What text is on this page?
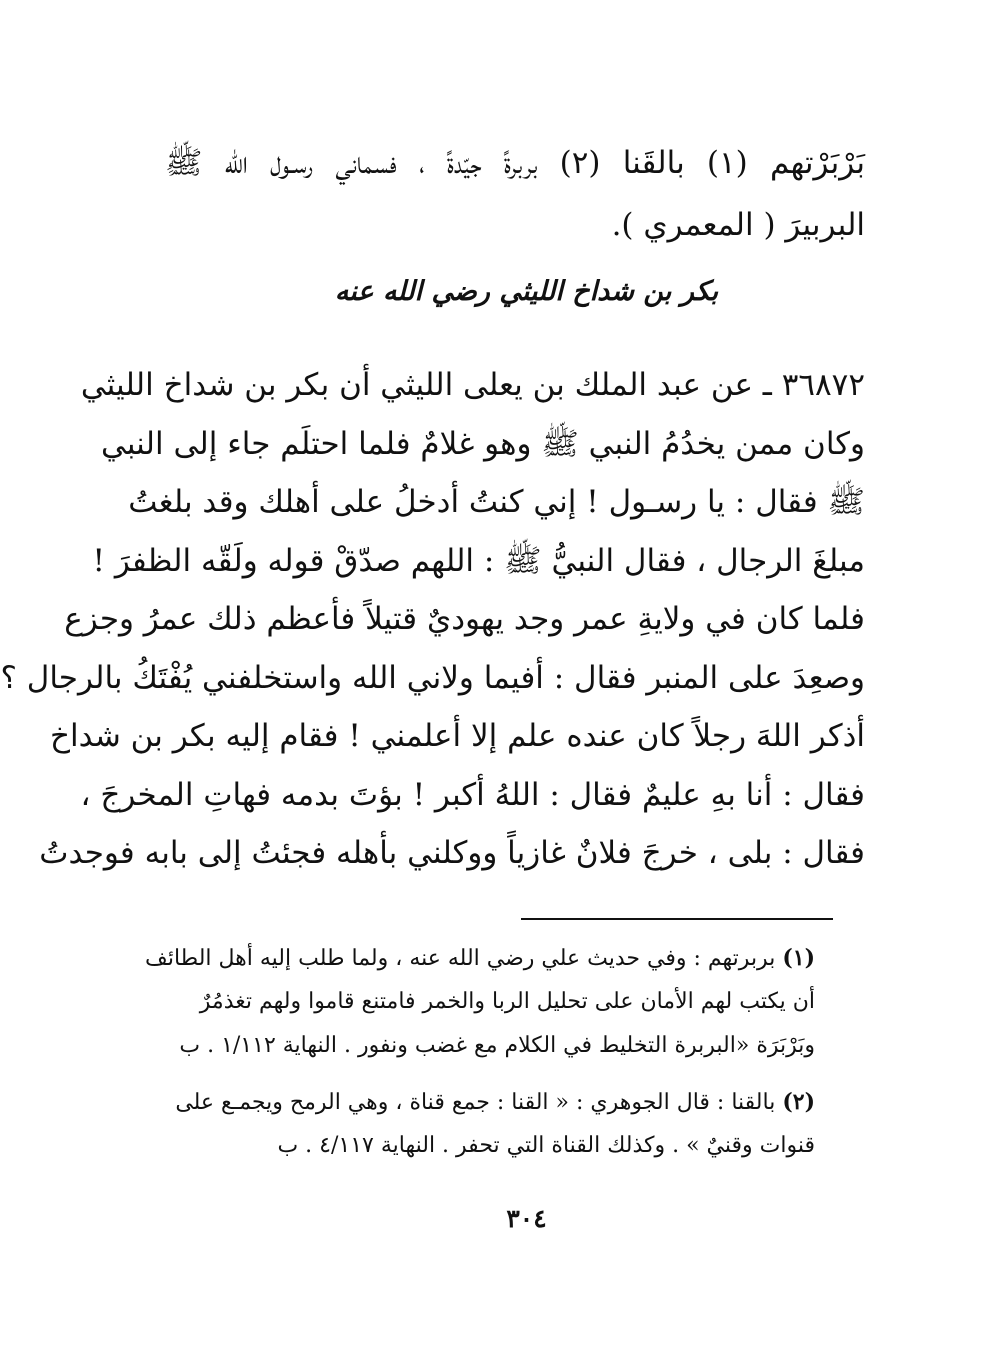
بَرْبَرْتهم (١) بالقَنا (٢) بربرةً جيّدةً ، فسماني رسـول الله ﷺ
البربيرَ ( المعمري ).
بكر بن شداخ الليثي رضي الله عنه
٣٦٨٧٢ ـ عن عبد الملك بن يعلى الليثي أن بكر بن شداخ الليثي
وكان ممن يخدُمُ النبي ﷺ وهو غلامٌ فلما احتلَم جاء إلى النبي
ﷺ فقال : يا رسـول ! إني كنتُ أدخلُ على أهلك وقد بلغتُ
مبلغَ الرجال ، فقال النبيُّ ﷺ : اللهم صدّقْ قوله ولَقّه الظفرَ !
فلما كان في ولايةِ عمر وجد يهوديٌ قتيلاً فأعظم ذلك عمرُ وجزع
وصعِدَ على المنبر فقال : أفيما ولاني الله واستخلفني يُفْتَكُ بالرجال ؟
أذكر اللهَ رجلاً كان عنده علم إلا أعلمني ! فقام إليه بكر بن شداخ
فقال : أنا بهِ عليمٌ فقال : اللهُ أكبر ! بؤتَ بدمه فهاتِ المخرجَ ،
فقال : بلى ، خرجَ فلانٌ غازياً ووكلني بأهله فجئتُ إلى بابه فوجدتُ
(١) بربرتهم : وفي حديث علي رضي الله عنه ، ولما طلب إليه أهل الطائف
أن يكتب لهم الأمان على تحليل الربا والخمر فامتنع قاموا ولهم تغذمُرٌ
وبَرْبَرَة «البربرة التخليط في الكلام مع غضب ونفور . النهاية ١/١١٢ . ب
(٢) بالقنا : قال الجوهري : « القنا : جمع قناة ، وهي الرمح ويجمـع على
قنوات وقنيٌ » . وكذلك القناة التي تحفر . النهاية ٤/١١٧ . ب
٣٠٤
